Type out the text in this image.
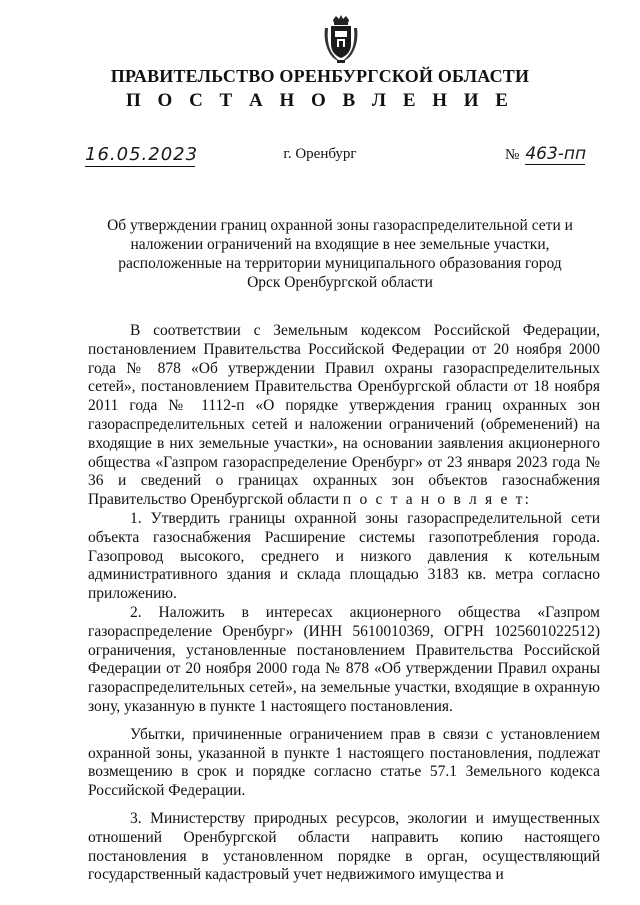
ПРАВИТЕЛЬСТВО ОРЕНБУРГСКОЙ ОБЛАСТИ
П О С Т А Н О В Л Е Н И Е
16.05.2023	г. Оренбург	№ 463-пп
Об утверждении границ охранной зоны газораспределительной сети и наложении ограничений на входящие в нее земельные участки, расположенные на территории муниципального образования город Орск Оренбургской области

В соответствии с Земельным кодексом Российской Федерации, постановлением Правительства Российской Федерации от 20 ноября 2000 года № 878 «Об утверждении Правил охраны газораспределительных сетей», постановлением Правительства Оренбургской области от 18 ноября 2011 года № 1112-п «О порядке утверждения границ охранных зон газораспределительных сетей и наложении ограничений (обременений) на входящие в них земельные участки», на основании заявления акционерного общества «Газпром газораспределение Оренбург» от 23 января 2023 года № 36 и сведений о границах охранных зон объектов газоснабжения Правительство Оренбургской области п о с т а н о в л я е т:

1. Утвердить границы охранной зоны газораспределительной сети объекта газоснабжения Расширение системы газопотребления города. Газопровод высокого, среднего и низкого давления к котельным административного здания и склада площадью 3183 кв. метра согласно приложению.

2. Наложить в интересах акционерного общества «Газпром газораспределение Оренбург» (ИНН 5610010369, ОГРН 1025601022512) ограничения, установленные постановлением Правительства Российской Федерации от 20 ноября 2000 года № 878 «Об утверждении Правил охраны газораспределительных сетей», на земельные участки, входящие в охранную зону, указанную в пункте 1 настоящего постановления.

Убытки, причиненные ограничением прав в связи с установлением охранной зоны, указанной в пункте 1 настоящего постановления, подлежат возмещению в срок и порядке согласно статье 57.1 Земельного кодекса Российской Федерации.

3. Министерству природных ресурсов, экологии и имущественных отношений Оренбургской области направить копию настоящего постановления в установленном порядке в орган, осуществляющий государственный кадастровый учет недвижимого имущества и
